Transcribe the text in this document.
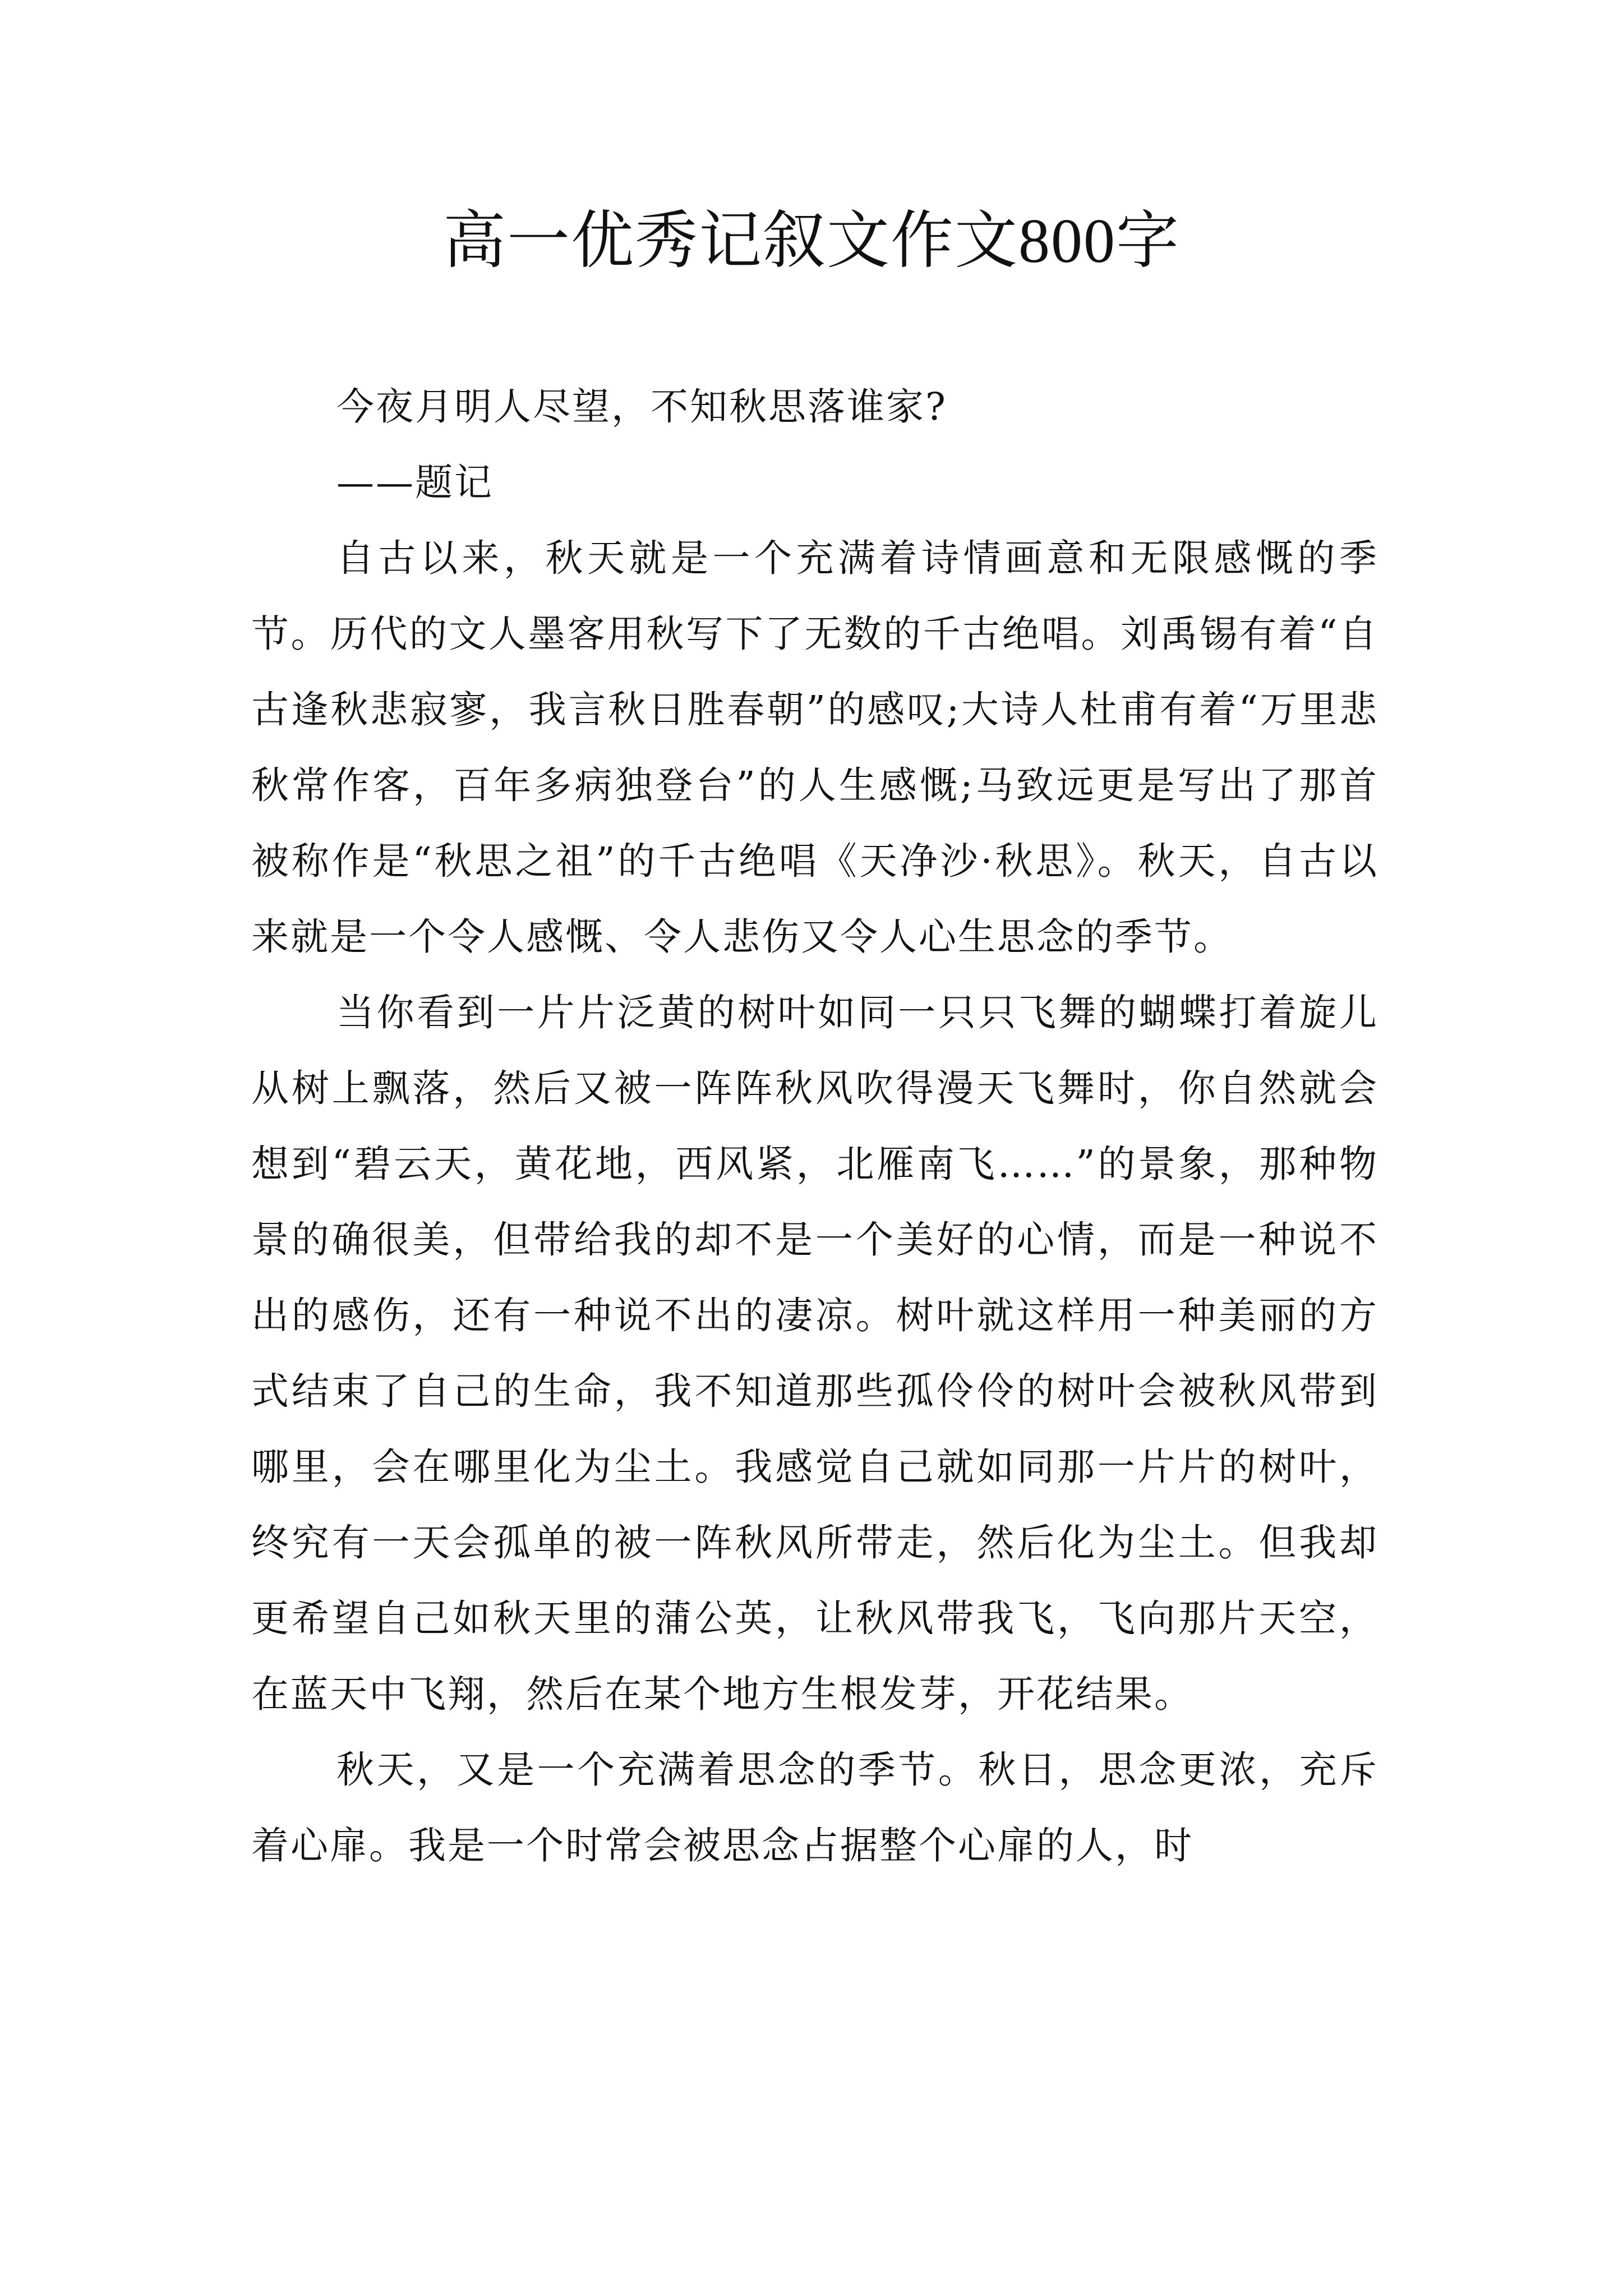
高一优秀记叙文作文800字

今夜月明人尽望，不知秋思落谁家?

——题记

自古以来，秋天就是一个充满着诗情画意和无限感慨的季节。历代的文人墨客用秋写下了无数的千古绝唱。刘禹锡有着“自古逢秋悲寂寥，我言秋日胜春朝”的感叹;大诗人杜甫有着“万里悲秋常作客，百年多病独登台”的人生感慨;马致远更是写出了那首被称作是“秋思之祖”的千古绝唱《天净沙·秋思》。秋天，自古以来就是一个令人感慨、令人悲伤又令人心生思念的季节。

当你看到一片片泛黄的树叶如同一只只飞舞的蝴蝶打着旋儿从树上飘落，然后又被一阵阵秋风吹得漫天飞舞时，你自然就会想到“碧云天，黄花地，西风紧，北雁南飞……”的景象，那种物景的确很美，但带给我的却不是一个美好的心情，而是一种说不出的感伤，还有一种说不出的凄凉。树叶就这样用一种美丽的方式结束了自己的生命，我不知道那些孤伶伶的树叶会被秋风带到哪里，会在哪里化为尘土。我感觉自己就如同那一片片的树叶，终究有一天会孤单的被一阵秋风所带走，然后化为尘土。但我却更希望自己如秋天里的蒲公英，让秋风带我飞，飞向那片天空，在蓝天中飞翔，然后在某个地方生根发芽，开花结果。

秋天，又是一个充满着思念的季节。秋日，思念更浓，充斥着心扉。我是一个时常会被思念占据整个心扉的人，时
